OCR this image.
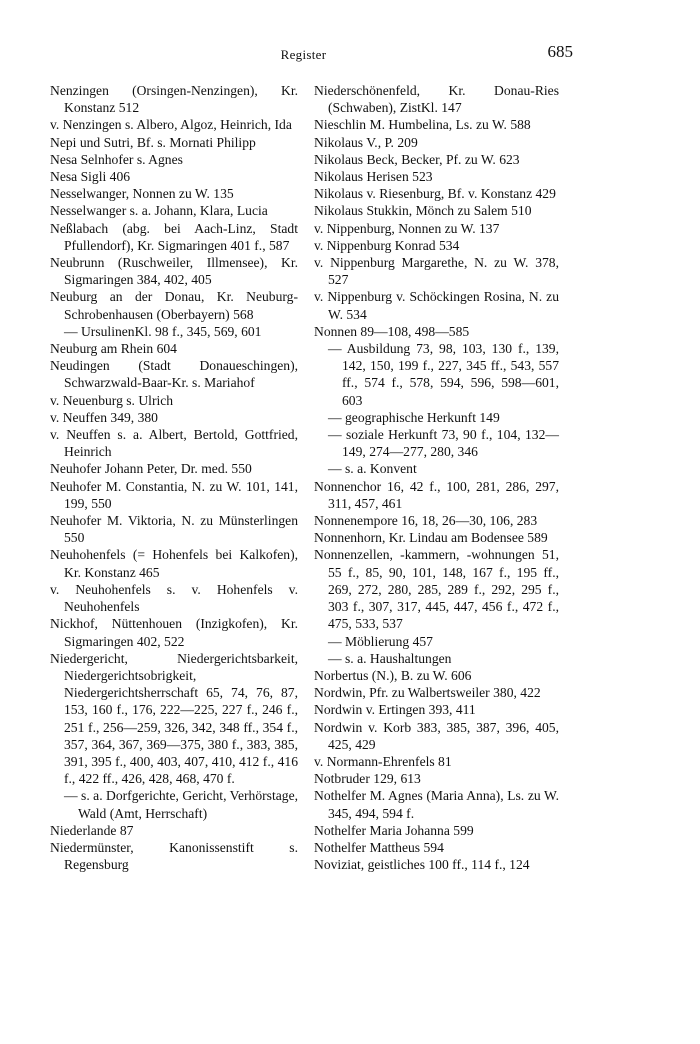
Register	685
Nenzingen (Orsingen-Nenzingen), Kr. Konstanz 512
v. Nenzingen s. Albero, Algoz, Heinrich, Ida
Nepi und Sutri, Bf. s. Mornati Philipp
Nesa Selnhofer s. Agnes
Nesa Sigli 406
Nesselwanger, Nonnen zu W. 135
Nesselwanger s. a. Johann, Klara, Lucia
Neßlabach (abg. bei Aach-Linz, Stadt Pfullendorf), Kr. Sigmaringen 401 f., 587
Neubrunn (Ruschweiler, Illmensee), Kr. Sigmaringen 384, 402, 405
Neuburg an der Donau, Kr. Neuburg-Schrobenhausen (Oberbayern) 568
— UrsulinenKl. 98 f., 345, 569, 601
Neuburg am Rhein 604
Neudingen (Stadt Donaueschingen), Schwarzwald-Baar-Kr. s. Mariahof
v. Neuenburg s. Ulrich
v. Neuffen 349, 380
v. Neuffen s. a. Albert, Bertold, Gottfried, Heinrich
Neuhofer Johann Peter, Dr. med. 550
Neuhofer M. Constantia, N. zu W. 101, 141, 199, 550
Neuhofer M. Viktoria, N. zu Münsterlingen 550
Neuhohenfels (= Hohenfels bei Kalkofen), Kr. Konstanz 465
v. Neuhohenfels s. v. Hohenfels v. Neuhohenfels
Nickhof, Nüttenhouen (Inzigkofen), Kr. Sigmaringen 402, 522
Niedergericht, Niedergerichtsbarkeit, Niedergerichtsobrigkeit, Niedergerichtsherrschaft 65, 74, 76, 87, 153, 160 f., 176, 222—225, 227 f., 246 f., 251 f., 256—259, 326, 342, 348 ff., 354 f., 357, 364, 367, 369—375, 380 f., 383, 385, 391, 395 f., 400, 403, 407, 410, 412 f., 416 f., 422 ff., 426, 428, 468, 470 f.
— s. a. Dorfgerichte, Gericht, Verhörstage, Wald (Amt, Herrschaft)
Niederlande 87
Niedermünster, Kanonissenstift s. Regensburg
Niederschönenfeld, Kr. Donau-Ries (Schwaben), ZistKl. 147
Nieschlin M. Humbelina, Ls. zu W. 588
Nikolaus V., P. 209
Nikolaus Beck, Becker, Pf. zu W. 623
Nikolaus Herisen 523
Nikolaus v. Riesenburg, Bf. v. Konstanz 429
Nikolaus Stukkin, Mönch zu Salem 510
v. Nippenburg, Nonnen zu W. 137
v. Nippenburg Konrad 534
v. Nippenburg Margarethe, N. zu W. 378, 527
v. Nippenburg v. Schöckingen Rosina, N. zu W. 534
Nonnen 89—108, 498—585
— Ausbildung 73, 98, 103, 130 f., 139, 142, 150, 199 f., 227, 345 ff., 543, 557 ff., 574 f., 578, 594, 596, 598—601, 603
— geographische Herkunft 149
— soziale Herkunft 73, 90 f., 104, 132—149, 274—277, 280, 346
— s. a. Konvent
Nonnenchor 16, 42 f., 100, 281, 286, 297, 311, 457, 461
Nonnenempore 16, 18, 26—30, 106, 283
Nonnenhorn, Kr. Lindau am Bodensee 589
Nonnenzellen, -kammern, -wohnungen 51, 55 f., 85, 90, 101, 148, 167 f., 195 ff., 269, 272, 280, 285, 289 f., 292, 295 f., 303 f., 307, 317, 445, 447, 456 f., 472 f., 475, 533, 537
— Möblierung 457
— s. a. Haushaltungen
Norbertus (N.), B. zu W. 606
Nordwin, Pfr. zu Walbertsweiler 380, 422
Nordwin v. Ertingen 393, 411
Nordwin v. Korb 383, 385, 387, 396, 405, 425, 429
v. Normann-Ehrenfels 81
Notbruder 129, 613
Nothelfer M. Agnes (Maria Anna), Ls. zu W. 345, 494, 594 f.
Nothelfer Maria Johanna 599
Nothelfer Mattheus 594
Noviziat, geistliches 100 ff., 114 f., 124
